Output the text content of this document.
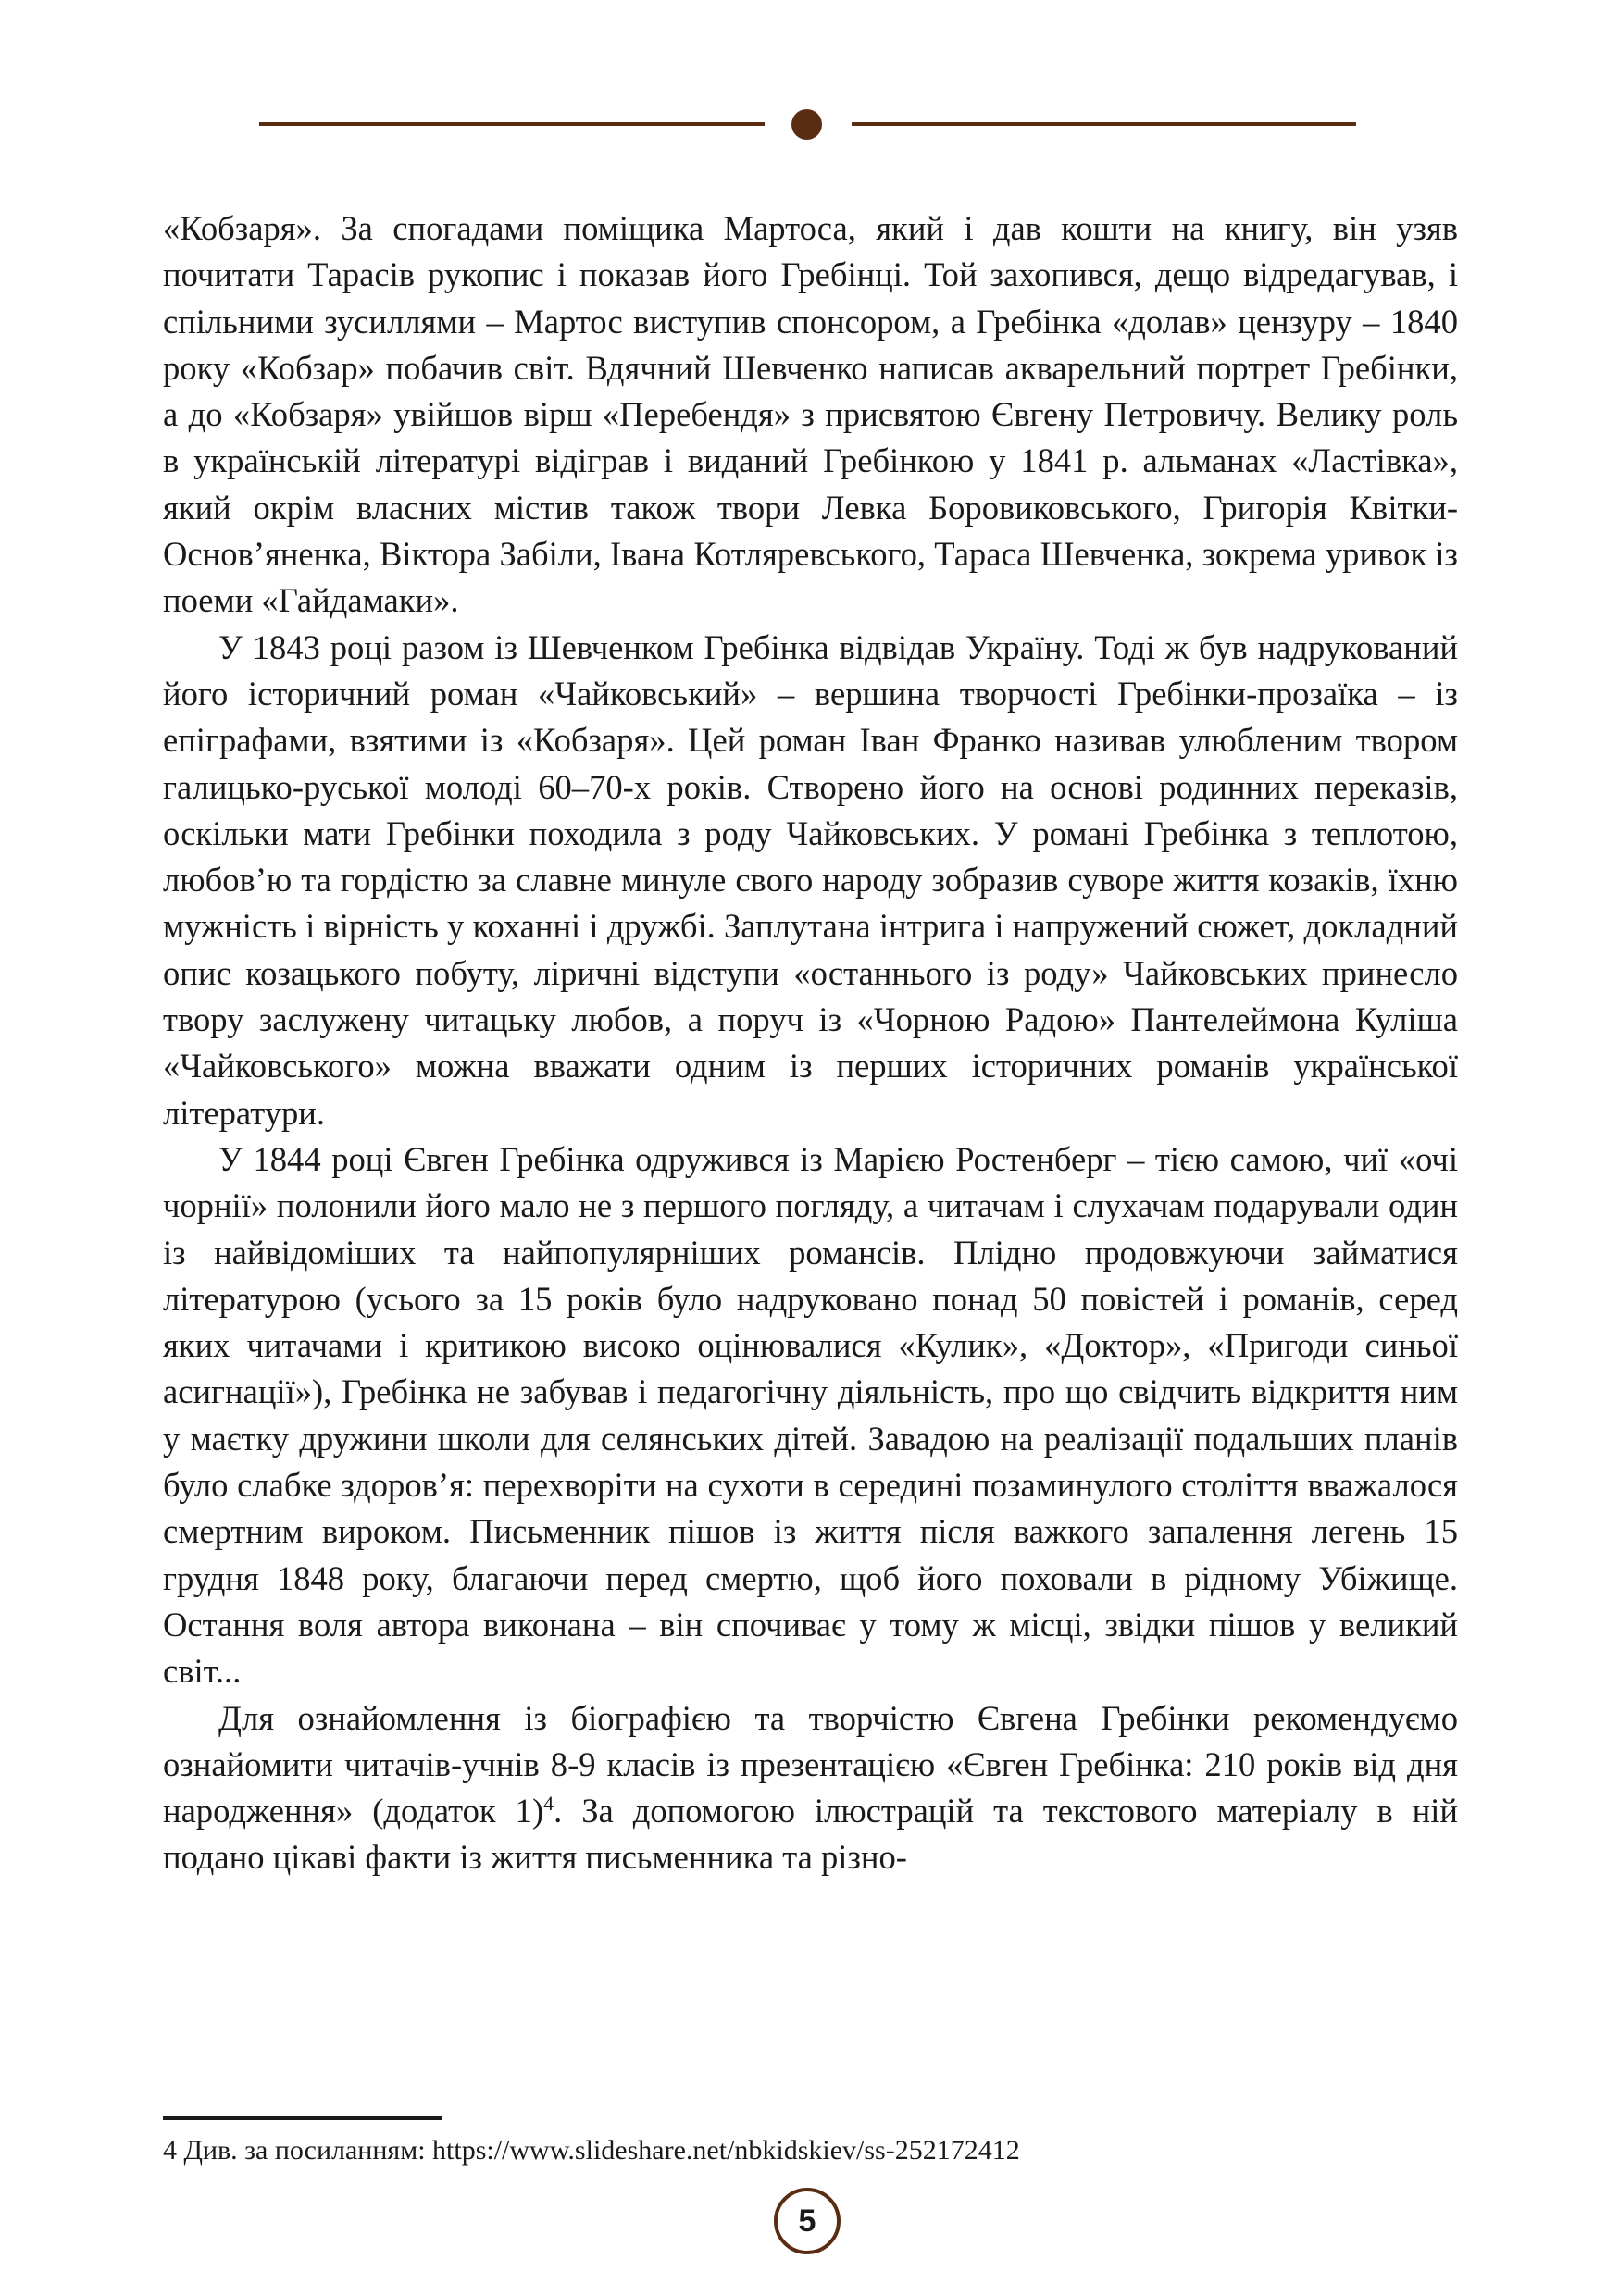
«Кобзаря». За спогадами поміщика Мартоса, який і дав кошти на книгу, він узяв почитати Тарасів рукопис і показав його Гребінці. Той захопився, дещо відредагував, і спільними зусиллями – Мартос виступив спонсором, а Гребінка «долав» цензуру – 1840 року «Кобзар» побачив світ. Вдячний Шевченко написав акварельний портрет Гребінки, а до «Кобзаря» увійшов вірш «Перебендя» з присвятою Євгену Петровичу. Велику роль в українській літературі відіграв і виданий Гребінкою у 1841 р. альманах «Ластівка», який окрім власних містив також твори Левка Боровиковського, Григорія Квітки-Основ’яненка, Віктора Забіли, Івана Котляревського, Тараса Шевченка, зокрема уривок із поеми «Гайдамаки».

У 1843 році разом із Шевченком Гребінка відвідав Україну. Тоді ж був надрукований його історичний роман «Чайковський» – вершина творчості Гребінки-прозаїка – із епіграфами, взятими із «Кобзаря». Цей роман Іван Франко називав улюбленим твором галицько-руської молоді 60–70-х років. Створено його на основі родинних переказів, оскільки мати Гребінки походила з роду Чайковських. У романі Гребінка з теплотою, любов’ю та гордістю за славне минуле свого народу зобразив суворе життя козаків, їхню мужність і вірність у коханні і дружбі. Заплутана інтрига і напружений сюжет, докладний опис козацького побуту, ліричні відступи «останнього із роду» Чайковських принесло твору заслужену читацьку любов, а поруч із «Чорною Радою» Пантелеймона Куліша «Чайковського» можна вважати одним із перших історичних романів української літератури.

У 1844 році Євген Гребінка одружився із Марією Ростенберг – тією самою, чиї «очі чорнії» полонили його мало не з першого погляду, а читачам і слухачам подарували один із найвідоміших та найпопулярніших романсів. Плідно продовжуючи займатися літературою (усього за 15 років було надруковано понад 50 повістей і романів, серед яких читачами і критикою високо оцінювалися «Кулик», «Доктор», «Пригоди синьої асигнації»), Гребінка не забував і педагогічну діяльність, про що свідчить відкриття ним у маєтку дружини школи для селянських дітей. Завадою на реалізації подальших планів було слабке здоров’я: перехворіти на сухоти в середині позаминулого століття вважалося смертним вироком. Письменник пішов із життя після важкого запалення легень 15 грудня 1848 року, благаючи перед смертю, щоб його поховали в рідному Убіжище. Остання воля автора виконана – він спочиває у тому ж місці, звідки пішов у великий світ...

Для ознайомлення із біографією та творчістю Євгена Гребінки рекомендуємо ознайомити читачів-учнів 8-9 класів із презентацією «Євген Гребінка: 210 років від дня народження» (додаток 1)$^4$. За допомогою ілюстрацій та текстового матеріалу в ній подано цікаві факти із життя письменника та різно-

4 Див. за посиланням: https://www.slideshare.net/nbkidskiev/ss-252172412
5
